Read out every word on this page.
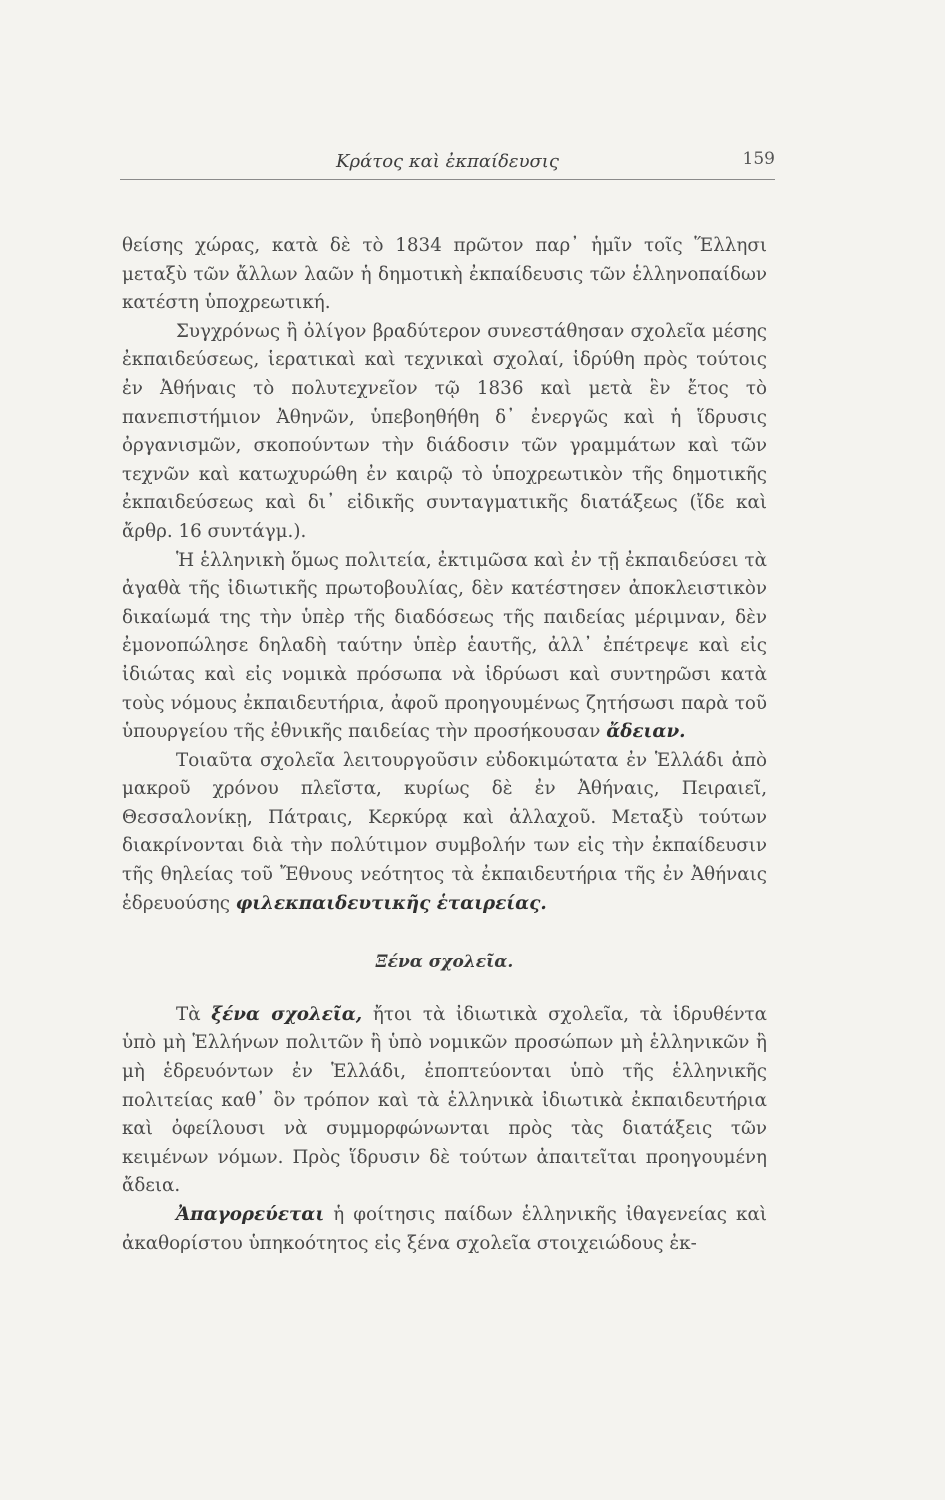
Κράτος καὶ ἐκπαίδευσις	159

θείσης χώρας, κατὰ δὲ τὸ 1834 πρῶτον παρ᾽ ἡμῖν τοῖς Ἕλλησι μεταξὺ τῶν ἄλλων λαῶν ἡ δημοτικὴ ἐκπαίδευσις τῶν ἑλληνοπαίδων κατέστη ὑποχρεωτική.

Συγχρόνως ἢ ὀλίγον βραδύτερον συνεστάθησαν σχολεῖα μέσης ἐκπαιδεύσεως, ἱερατικαὶ καὶ τεχνικαὶ σχολαί, ἱδρύθη πρὸς τούτοις ἐν Ἀθήναις τὸ πολυτεχνεῖον τῷ 1836 καὶ μετὰ ἓν ἔτος τὸ πανεπιστήμιον Ἀθηνῶν, ὑπεβοηθήθη δ᾽ ἐνεργῶς καὶ ἡ ἵδρυσις ὀργανισμῶν, σκοπούντων τὴν διάδοσιν τῶν γραμμάτων καὶ τῶν τεχνῶν καὶ κατωχυρώθη ἐν καιρῷ τὸ ὑποχρεωτικὸν τῆς δημοτικῆς ἐκπαιδεύσεως καὶ δι᾽ εἰδικῆς συνταγματικῆς διατάξεως (ἴδε καὶ ἄρθρ. 16 συντάγμ.).

Ἡ ἑλληνικὴ ὅμως πολιτεία, ἐκτιμῶσα καὶ ἐν τῇ ἐκπαιδεύσει τὰ ἀγαθὰ τῆς ἰδιωτικῆς πρωτοβουλίας, δὲν κατέστησεν ἀποκλειστικὸν δικαίωμά της τὴν ὑπὲρ τῆς διαδόσεως τῆς παιδείας μέριμναν, δὲν ἐμονοπώλησε δηλαδὴ ταύτην ὑπὲρ ἑαυτῆς, ἀλλ᾽ ἐπέτρεψε καὶ εἰς ἰδιώτας καὶ εἰς νομικὰ πρόσωπα νὰ ἱδρύωσι καὶ συντηρῶσι κατὰ τοὺς νόμους ἐκπαιδευτήρια, ἀφοῦ προηγουμένως ζητήσωσι παρὰ τοῦ ὑπουργείου τῆς ἐθνικῆς παιδείας τὴν προσήκουσαν ἄδειαν.

Τοιαῦτα σχολεῖα λειτουργοῦσιν εὐδοκιμώτατα ἐν Ἑλλάδι ἀπὸ μακροῦ χρόνου πλεῖστα, κυρίως δὲ ἐν Ἀθήναις, Πειραιεῖ, Θεσσαλονίκῃ, Πάτραις, Κερκύρᾳ καὶ ἀλλαχοῦ. Μεταξὺ τούτων διακρίνονται διὰ τὴν πολύτιμον συμβολήν των εἰς τὴν ἐκπαίδευσιν τῆς θηλείας τοῦ Ἔθνους νεότητος τὰ ἐκπαιδευτήρια τῆς ἐν Ἀθήναις ἑδρευούσης φιλεκπαιδευτικῆς ἑταιρείας.

Ξένα σχολεῖα.

Τὰ ξένα σχολεῖα, ἤτοι τὰ ἰδιωτικὰ σχολεῖα, τὰ ἱδρυθέντα ὑπὸ μὴ Ἑλλήνων πολιτῶν ἢ ὑπὸ νομικῶν προσώπων μὴ ἑλληνικῶν ἢ μὴ ἑδρευόντων ἐν Ἑλλάδι, ἐποπτεύονται ὑπὸ τῆς ἑλληνικῆς πολιτείας καθ᾽ ὃν τρόπον καὶ τὰ ἑλληνικὰ ἰδιωτικὰ ἐκπαιδευτήρια καὶ ὀφείλουσι νὰ συμμορφώνωνται πρὸς τὰς διατάξεις τῶν κειμένων νόμων. Πρὸς ἵδρυσιν δὲ τούτων ἀπαιτεῖται προηγουμένη ἄδεια.

Ἀπαγορεύεται ἡ φοίτησις παίδων ἑλληνικῆς ἰθαγενείας καὶ ἀκαθορίστου ὑπηκοότητος εἰς ξένα σχολεῖα στοιχειώδους ἐκ-
